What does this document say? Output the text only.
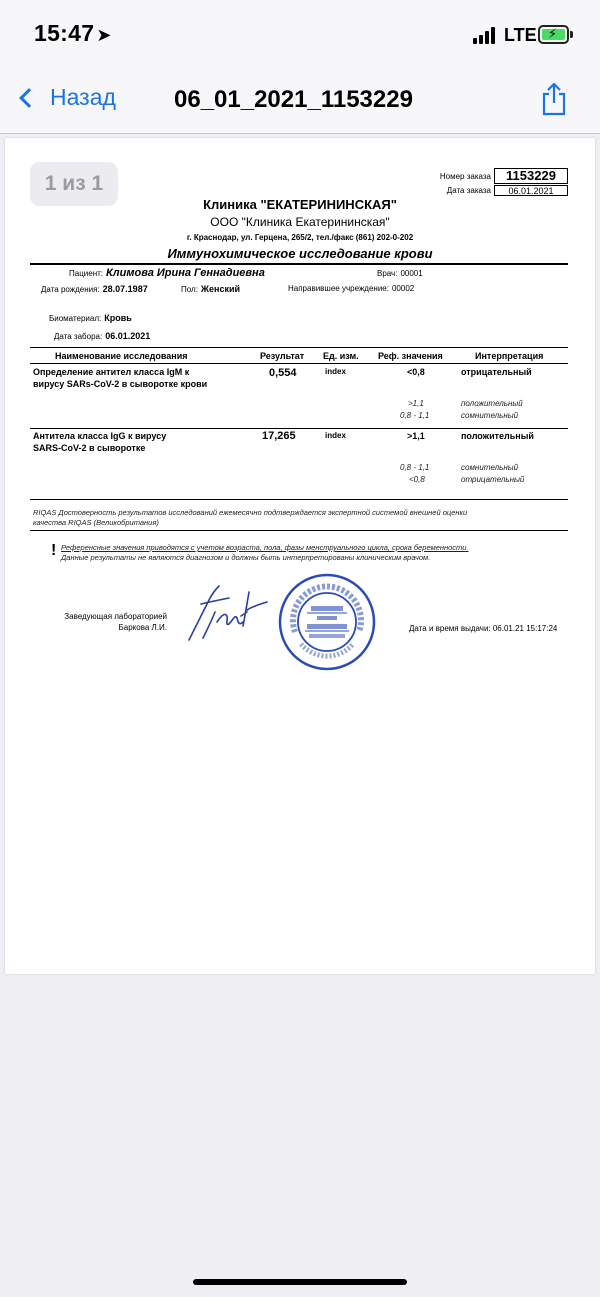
15:47 ➤	LTE ⚡
Назад 06_01_2021_1153229
1 из 1	Номер заказа	1153229
Дата заказа	06.01.2021
Клиника "ЕКАТЕРИНИНСКАЯ"
ООО "Клиника Екатерининская"
г. Краснодар, ул. Герцена, 265/2, тел./факс (861) 202-0-202
Иммунохимическое исследование крови
Пациент: Климова Ирина Геннадиевна	Врач: 00001
Дата рождения: 28.07.1987	Пол: Женский	Направившее учреждение: 00002
Биоматериал: Кровь
Дата забора: 06.01.2021
Наименование исследования	Результат Ед. изм. Реф. значения	Интерпретация
Определение антител класса IgM к
вирусу SARs-CoV-2 в сыворотке крови
0,554	index	<0,8	отрицательный
>1,1	положительный
0,8 - 1,1	сомнительный
Антитела класса IgG к вирусу
SARS-CoV-2 в сыворотке
17,265	index	>1,1	положительный
0,8 - 1,1	сомнительный
<0,8	отрицательный
RIQAS Достоверность результатов исследований ежемесячно подтверждается экспертной системой внешней оценки
качества RIQAS (Великобритания)
! Референсные значения приводятся с учетом возраста, пола, фазы менструального цикла, срока беременности.
Данные результаты не являются диагнозом и должны быть интерпретированы клиническим врачом.
Заведующая лабораторией
Баркова Л.И.	Дата и время выдачи: 06.01.21 15:17:24
